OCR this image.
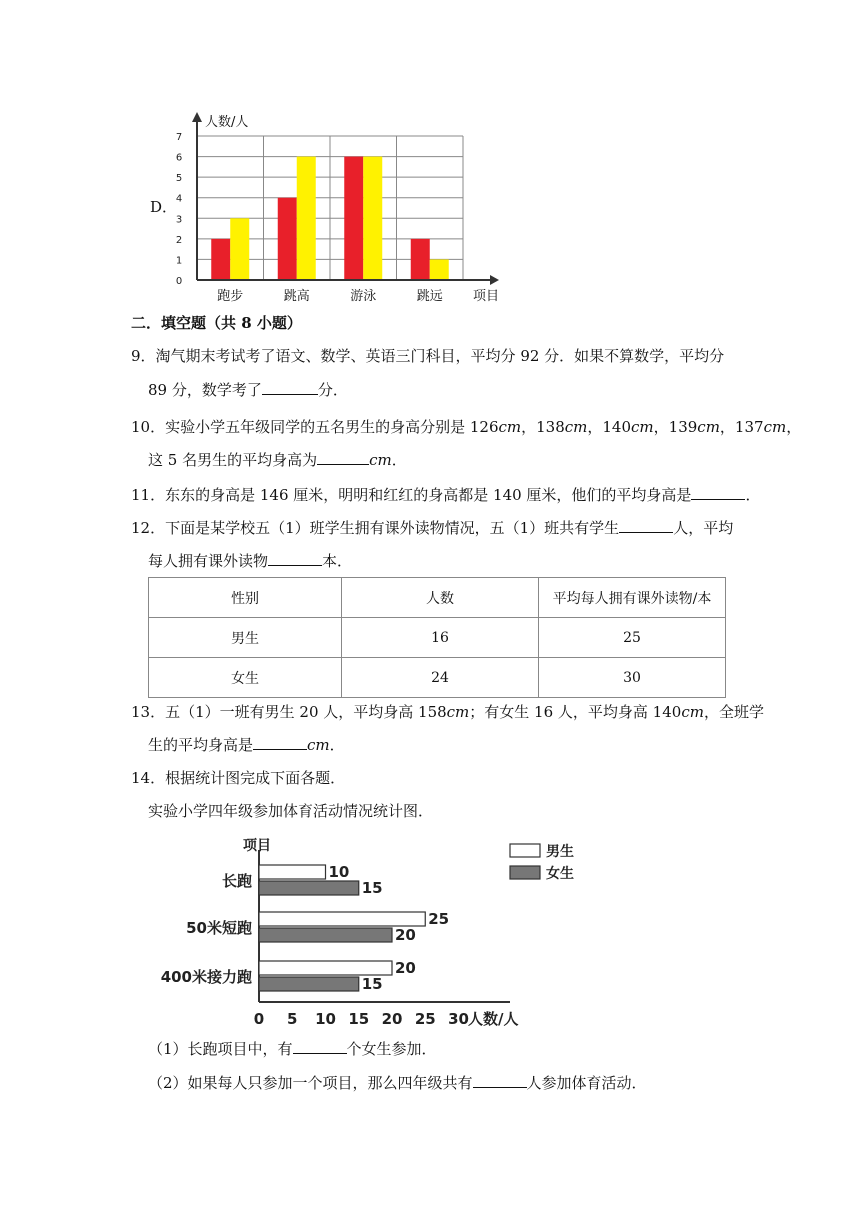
D．
0
1
2
3
4
5
6
7
跑步	跳高	游泳	跳远
人数/人
项目
二．填空题（共 8 小题）
9．淘气期末考试考了语文、数学、英语三门科目，平均分 92 分．如果不算数学，平均分
89 分，数学考了	分．
10．实验小学五年级同学的五名男生的身高分别是 126cm，138cm，140cm，139cm，137cm，
这 5 名男生的平均身高为	cm．
11．东东的身高是 146 厘米，明明和红红的身高都是 140 厘米，他们的平均身高是	．
12．下面是某学校五（1）班学生拥有课外读物情况，五（1）班共有学生	人，平均
每人拥有课外读物	本．
性别	人数	平均每人拥有课外读物/本
男生	16	25
女生	24	30
13．五（1）一班有男生 20 人，平均身高 158cm；有女生 16 人，平均身高 140cm，全班学
生的平均身高是	cm．
14．根据统计图完成下面各题．
实验小学四年级参加体育活动情况统计图．
项目
0 5 10 15 20 25 30 人数/人
10
15
长跑
25
20
50米短跑
20
15
400米接力跑
男生
女生
（1）长跑项目中，有	个女生参加．
（2）如果每人只参加一个项目，那么四年级共有	人参加体育活动．
